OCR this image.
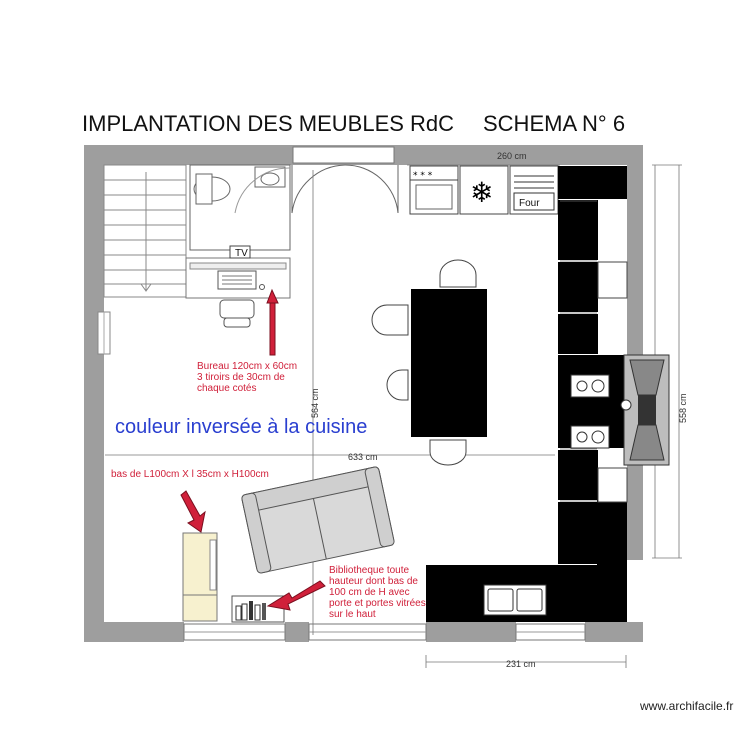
IMPLANTATION DES MEUBLES RdC SCHEMA N° 6
TV
260 cm
633 cm
564 cm	558 cm
231 cm
* * * ❄	Four
Bureau 120cm x 60cm
3 tiroirs de 30cm de
chaque cotés
couleur inversée à la cuisine
bas de L100cm X l 35cm x H100cm
Bibliotheque toute
hauteur dont bas de
100 cm de H avec
porte et portes vitrées
sur le haut
www.archifacile.fr
